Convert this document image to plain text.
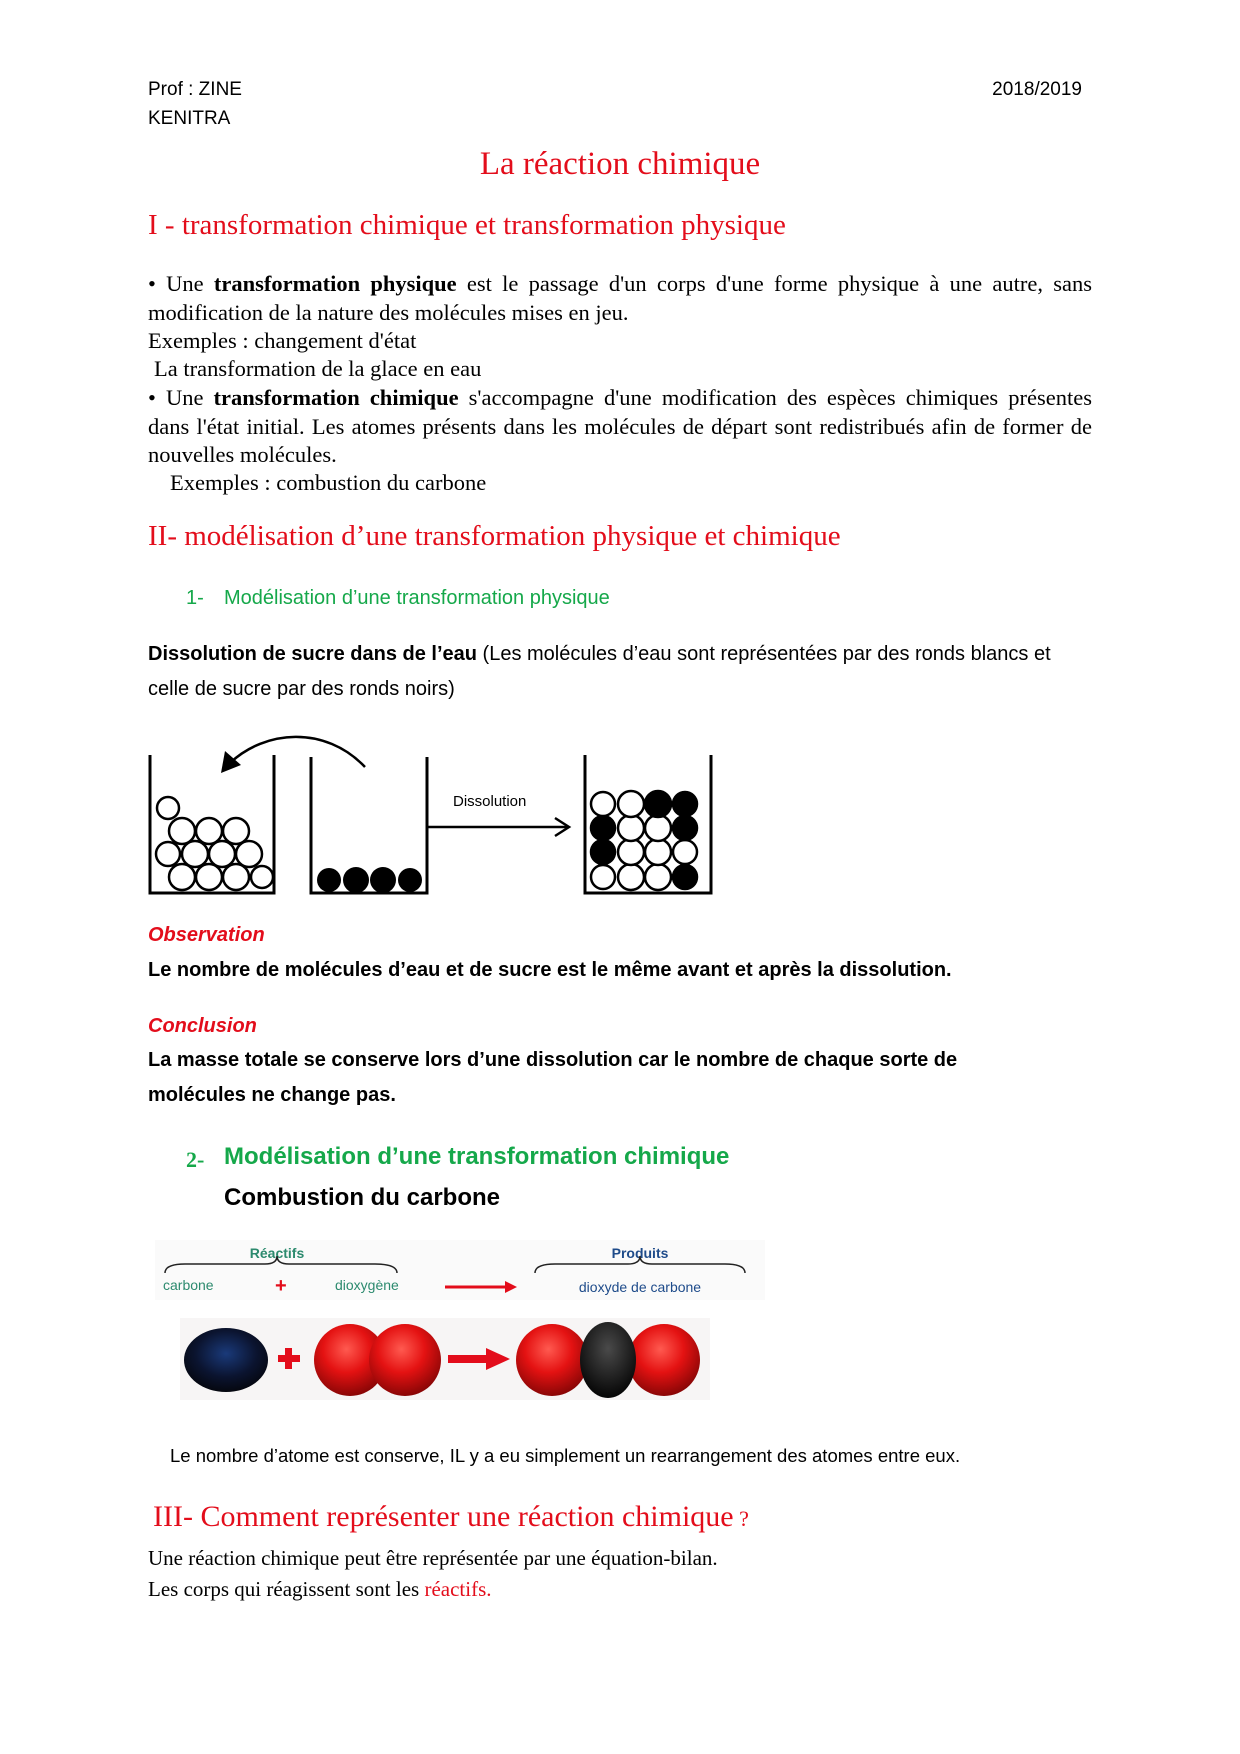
Prof : ZINE
KENITRA
2018/2019
La réaction chimique
I - transformation chimique et transformation physique
• Une transformation physique est le passage d'un corps d'une forme physique à une autre, sans modification de la nature des molécules mises en jeu.
Exemples : changement d'état
La transformation de la glace en eau
• Une transformation chimique s'accompagne d'une modification des espèces chimiques présentes dans l'état initial. Les atomes présents dans les molécules de départ sont redistribués afin de former de nouvelles molécules.
Exemples : combustion du carbone
II- modélisation d’une transformation physique et chimique
1- Modélisation d’une transformation physique
Dissolution de sucre dans de l’eau (Les molécules d’eau sont représentées par des ronds blancs et celle de sucre par des ronds noirs)
Dissolution
Observation
Le nombre de molécules d’eau et de sucre est le même avant et après la dissolution.
Conclusion
La masse totale se conserve lors d’une dissolution car le nombre de chaque sorte de molécules ne change pas.
2- Modélisation d’une transformation chimique
Combustion du carbone
Réactifs
carbone	+	dioxygène
Produits
dioxyde de carbone
Le nombre d’atome est conserve, IL y a eu simplement un rearrangement des atomes entre eux.
III- Comment représenter une réaction chimique ?
Une réaction chimique peut être représentée par une équation-bilan.
Les corps qui réagissent sont les réactifs.
